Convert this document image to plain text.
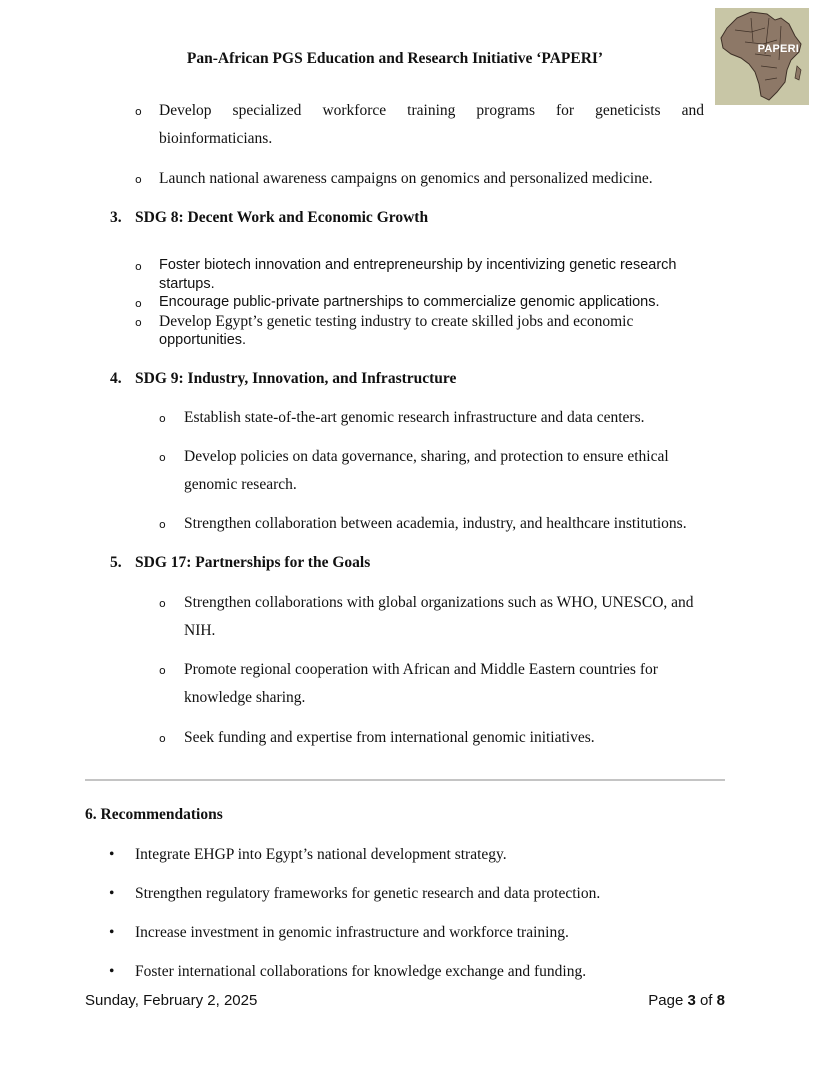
Pan-African PGS Education and Research Initiative ‘PAPERI’
PAPERI
o Develop specialized workforce training programs for geneticists and
bioinformaticians.
o Launch national awareness campaigns on genomics and personalized medicine.
3. SDG 8: Decent Work and Economic Growth
o Foster biotech innovation and entrepreneurship by incentivizing genetic research
startups.
o Encourage public-private partnerships to commercialize genomic applications.
o Develop Egypt’s genetic testing industry to create skilled jobs and economic
opportunities.
4. SDG 9: Industry, Innovation, and Infrastructure
o Establish state-of-the-art genomic research infrastructure and data centers.
o Develop policies on data governance, sharing, and protection to ensure ethical
genomic research.
o Strengthen collaboration between academia, industry, and healthcare institutions.
5. SDG 17: Partnerships for the Goals
o Strengthen collaborations with global organizations such as WHO, UNESCO, and
NIH.
o Promote regional cooperation with African and Middle Eastern countries for
knowledge sharing.
o Seek funding and expertise from international genomic initiatives.
6. Recommendations
• Integrate EHGP into Egypt’s national development strategy.
• Strengthen regulatory frameworks for genetic research and data protection.
• Increase investment in genomic infrastructure and workforce training.
• Foster international collaborations for knowledge exchange and funding.
Sunday, February 2, 2025	Page 3 of 8
